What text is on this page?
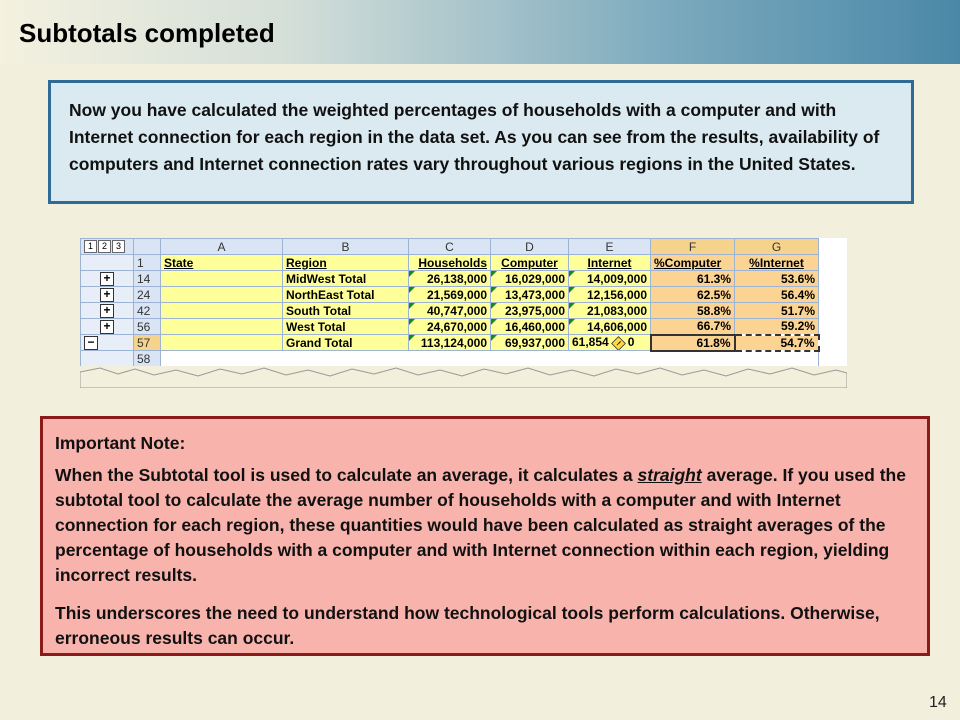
Subtotals completed
Now you have calculated the weighted percentages of households with a computer and with Internet connection for each region in the data set. As you can see from the results, availability of computers and Internet connection rates vary throughout various regions in the United States.
1 2 3		A	B	C	D	E	F	G
	1	State	Region	Households	Computer	Internet	%Computer	%Internet
+	14		MidWest Total	26,138,000	16,029,000	14,009,000	61.3%	53.6%
+	24		NorthEast Total	21,569,000	13,473,000	12,156,000	62.5%	56.4%
+	42		South Total	40,747,000	23,975,000	21,083,000	58.8%	51.7%
+	56		West Total	24,670,000	16,460,000	14,606,000	66.7%	59.2%
−	57		Grand Total	113,124,000	69,937,000	61,854 ! 0	61.8%	54.7%
	58							
Important Note:
When the Subtotal tool is used to calculate an average, it calculates a straight average. If you used the subtotal tool to calculate the average number of households with a computer and with Internet connection for each region, these quantities would have been calculated as straight averages of the percentage of households with a computer and with Internet connection within each region, yielding incorrect results.
This underscores the need to understand how technological tools perform calculations. Otherwise, erroneous results can occur.
14
